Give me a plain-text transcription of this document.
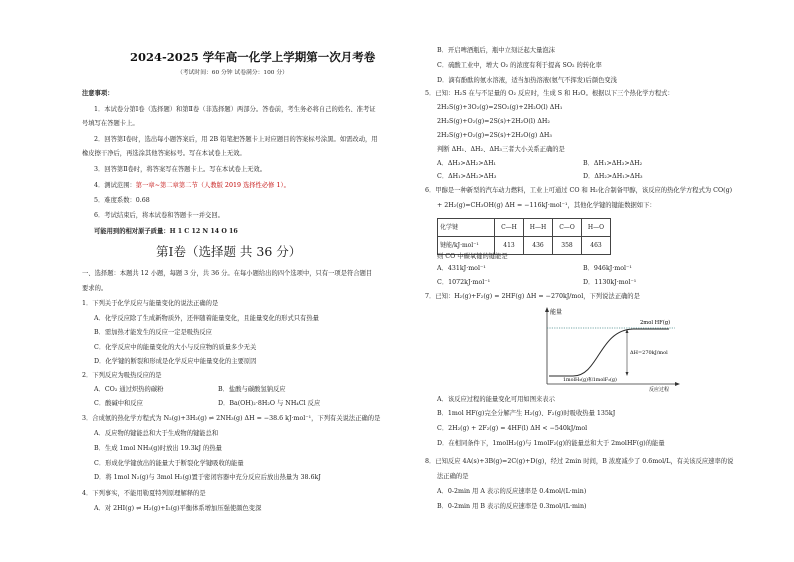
2024-2025 学年高一化学上学期第一次月考卷
（考试时间：60 分钟 试卷满分：100 分）
注意事项：
1．本试卷分第Ⅰ卷（选择题）和第Ⅱ卷（非选择题）两部分。答卷前，考生务必将自己的姓名、准考证
号填写在答题卡上。
2．回答第Ⅰ卷时，选出每小题答案后，用 2B 铅笔把答题卡上对应题目的答案标号涂黑。如需改动，用
橡皮擦干净后，再选涂其他答案标号。写在本试卷上无效。
3．回答第Ⅱ卷时，将答案写在答题卡上。写在本试卷上无效。
4．测试范围：第一章~第二章第二节（人教版 2019 选择性必修 1）。
5．难度系数：0.68
6．考试结束后，将本试卷和答题卡一并交回。
可能用到的相对原子质量：H 1 C 12 N 14 O 16
第Ⅰ卷（选择题 共 36 分）
一、选择题：本题共 12 小题，每题 3 分，共 36 分。在每小题给出的四个选项中，只有一项是符合题目
要求的。
1．下列关于化学反应与能量变化的说法正确的是
A．化学反应除了生成新物质外，还伴随着能量变化，且能量变化的形式只有热量
B．需加热才能发生的反应一定是吸热反应
C．化学反应中的能量变化的大小与反应物的质量多少无关
D．化学键的断裂和形成是化学反应中能量变化的主要原因
2．下列反应为吸热反应的是
A．CO₂ 通过炽热的碳粉	B．盐酸与碳酸氢钠反应
C．酸碱中和反应	D．Ba(OH)₂·8H₂O 与 NH₄Cl 反应
3．合成氨的热化学方程式为 N₂(g)+3H₂(g) ⇌ 2NH₃(g) ΔH = −38.6 kJ·mol⁻¹，下列有关说法正确的是
A．反应物的键能总和大于生成物的键能总和
B．生成 1mol NH₃(g)时放出 19.3kJ 的热量
C．形成化学键放出的能量大于断裂化学键吸收的能量
D．将 1mol N₂(g)与 3mol H₂(g)置于密闭容器中充分反应后放出热量为 38.6kJ
4．下列事实，不能用勒夏特列原理解释的是
A．对 2HI(g) ⇌ H₂(g)+I₂(g)平衡体系增加压强使颜色变深
B．开启啤酒瓶后，瓶中立刻泛起大量泡沫
C．硫酸工业中，增大 O₂ 的浓度有利于提高 SO₂ 的转化率
D．滴有酚酞的氨水溶液，适当加热溶液(氨气不挥发)后颜色变浅
5．已知：H₂S 在与不足量的 O₂ 反应时，生成 S 和 H₂O。根据以下三个热化学方程式：
2H₂S(g)+3O₂(g)=2SO₂(g)+2H₂O(l) ΔH₁
2H₂S(g)+O₂(g)=2S(s)+2H₂O(l) ΔH₂
2H₂S(g)+O₂(g)=2S(s)+2H₂O(g) ΔH₃
判断 ΔH₁、ΔH₂、ΔH₃三者大小关系正确的是
A．ΔH₃>ΔH₂>ΔH₁	B．ΔH₁>ΔH₃>ΔH₂
C．ΔH₁>ΔH₂>ΔH₃	D．ΔH₂>ΔH₁>ΔH₃
6．甲醇是一种新型的汽车动力燃料，工业上可通过 CO 和 H₂化合制备甲醇，该反应的热化学方程式为 CO(g)
+ 2H₂(g)=CH₃OH(g) ΔH = −116kJ·mol⁻¹，其他化学键的键能数据如下：
化学键	C—H	H—H	C—O	H—O
键能/kJ·mol⁻¹	413	436	358	463
则 CO 中碳氧键的键能是
A．431kJ·mol⁻¹	B．946kJ·mol⁻¹
C．1072kJ·mol⁻¹	D．1130kJ·mol⁻¹
7．已知：H₂(g)+F₂(g) = 2HF(g) ΔH = −270kJ/mol，下列说法正确的是
能量
2mol HF(g)
ΔH=270kJ/mol
1molH₂(g)和1molF₂(g)
反应过程
A．该反应过程的能量变化可用如图来表示
B．1mol HF(g)完全分解产生 H₂(g)、F₂(g)时吸收热量 135kJ
C．2H₂(g) + 2F₂(g) = 4HF(l) ΔH < −540kJ/mol
D．在相同条件下，1molH₂(g)与 1molF₂(g)的能量总和大于 2molHF(g)的能量
8．已知反应 4A(s)+3B(g)=2C(g)+D(g)，经过 2min 时间，B 浓度减少了 0.6mol/L，有关该反应速率的说
法正确的是
A．0-2min 用 A 表示的反应速率是 0.4mol/(L·min)
B．0-2min 用 B 表示的反应速率是 0.3mol/(L·min)
